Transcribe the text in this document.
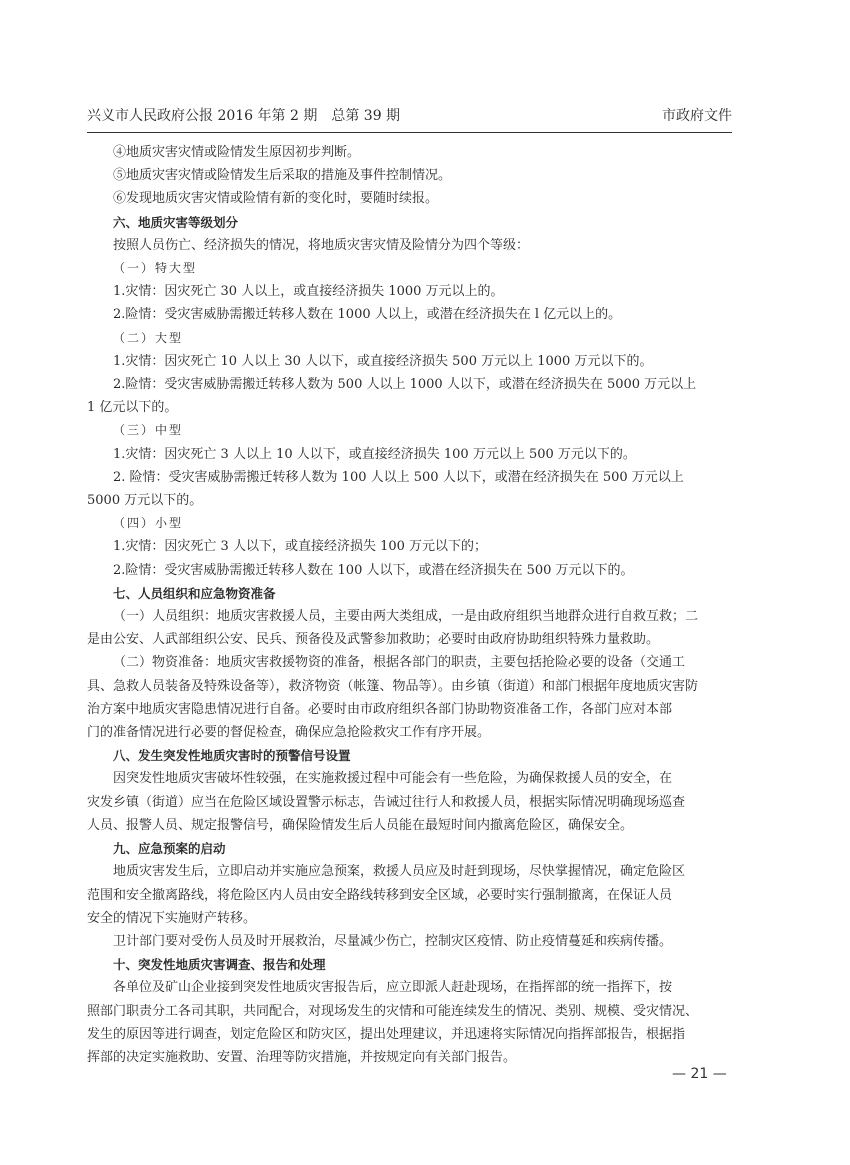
兴义市人民政府公报 2016 年第 2 期　总第 39 期	市政府文件

④地质灾害灾情或险情发生原因初步判断。

⑤地质灾害灾情或险情发生后采取的措施及事件控制情况。

⑥发现地质灾害灾情或险情有新的变化时，要随时续报。

六、地质灾害等级划分

按照人员伤亡、经济损失的情况，将地质灾害灾情及险情分为四个等级：

（一）特大型

1.灾情：因灾死亡 30 人以上，或直接经济损失 1000 万元以上的。

2.险情：受灾害威胁需搬迁转移人数在 1000 人以上，或潜在经济损失在 l 亿元以上的。

（二）大型

1.灾情：因灾死亡 10 人以上 30 人以下，或直接经济损失 500 万元以上 1000 万元以下的。

2.险情：受灾害威胁需搬迁转移人数为 500 人以上 1000 人以下，或潜在经济损失在 5000 万元以上

1 亿元以下的。

（三）中型

1.灾情：因灾死亡 3 人以上 10 人以下，或直接经济损失 100 万元以上 500 万元以下的。

2. 险情：受灾害威胁需搬迁转移人数为 100 人以上 500 人以下，或潜在经济损失在 500 万元以上

5000 万元以下的。

（四）小型

1.灾情：因灾死亡 3 人以下，或直接经济损失 100 万元以下的；

2.险情：受灾害威胁需搬迁转移人数在 100 人以下，或潜在经济损失在 500 万元以下的。

七、人员组织和应急物资准备

（一）人员组织：地质灾害救援人员，主要由两大类组成，一是由政府组织当地群众进行自救互救；二

是由公安、人武部组织公安、民兵、预备役及武警参加救助；必要时由政府协助组织特殊力量救助。

（二）物资准备：地质灾害救援物资的准备，根据各部门的职责，主要包括抢险必要的设备（交通工

具、急救人员装备及特殊设备等），救济物资（帐篷、物品等）。由乡镇（街道）和部门根据年度地质灾害防

治方案中地质灾害隐患情况进行自备。必要时由市政府组织各部门协助物资准备工作，各部门应对本部

门的准备情况进行必要的督促检查，确保应急抢险救灾工作有序开展。

八、发生突发性地质灾害时的预警信号设置

因突发性地质灾害破坏性较强，在实施救援过程中可能会有一些危险，为确保救援人员的安全，在

灾发乡镇（街道）应当在危险区域设置警示标志，告诫过往行人和救援人员，根据实际情况明确现场巡查

人员、报警人员、规定报警信号，确保险情发生后人员能在最短时间内撤离危险区，确保安全。

九、应急预案的启动

地质灾害发生后，立即启动并实施应急预案，救援人员应及时赶到现场，尽快掌握情况，确定危险区

范围和安全撤离路线，将危险区内人员由安全路线转移到安全区域，必要时实行强制撤离，在保证人员

安全的情况下实施财产转移。

卫计部门要对受伤人员及时开展救治，尽量减少伤亡，控制灾区疫情、防止疫情蔓延和疾病传播。

十、突发性地质灾害调查、报告和处理

各单位及矿山企业接到突发性地质灾害报告后，应立即派人赶赴现场，在指挥部的统一指挥下，按

照部门职责分工各司其职，共同配合，对现场发生的灾情和可能连续发生的情况、类别、规模、受灾情况、

发生的原因等进行调查，划定危险区和防灾区，提出处理建议，并迅速将实际情况向指挥部报告，根据指

挥部的决定实施救助、安置、治理等防灾措施，并按规定向有关部门报告。

— 21 —
